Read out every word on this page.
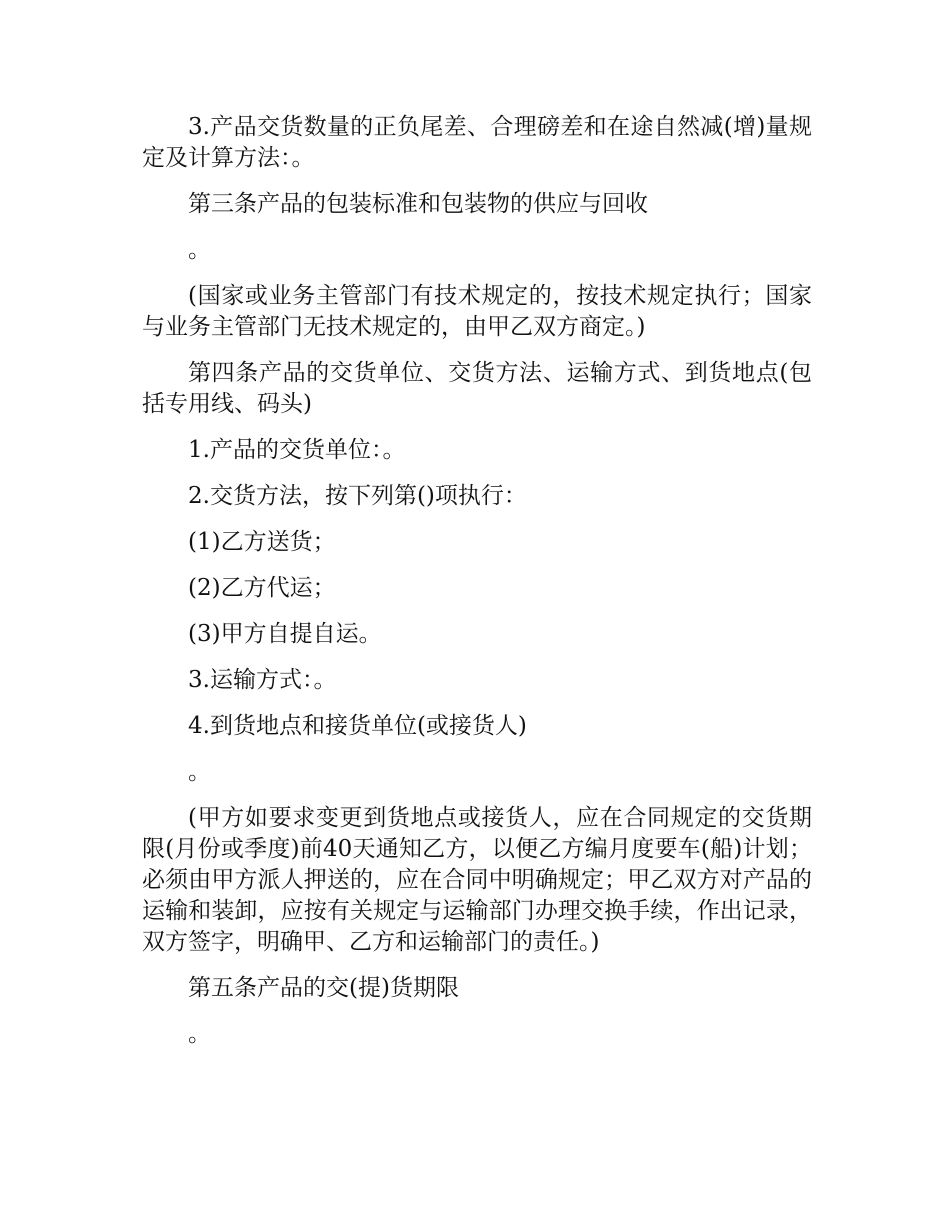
3.产品交货数量的正负尾差、合理磅差和在途自然减(增)量规定及计算方法：。

第三条产品的包装标准和包装物的供应与回收

。

(国家或业务主管部门有技术规定的，按技术规定执行；国家与业务主管部门无技术规定的，由甲乙双方商定。)

第四条产品的交货单位、交货方法、运输方式、到货地点(包括专用线、码头)

1.产品的交货单位：。

2.交货方法，按下列第()项执行：

(1)乙方送货；

(2)乙方代运；

(3)甲方自提自运。

3.运输方式：。

4.到货地点和接货单位(或接货人)

。

(甲方如要求变更到货地点或接货人，应在合同规定的交货期限(月份或季度)前40天通知乙方，以便乙方编月度要车(船)计划；必须由甲方派人押送的，应在合同中明确规定；甲乙双方对产品的运输和装卸，应按有关规定与运输部门办理交换手续，作出记录，双方签字，明确甲、乙方和运输部门的责任。)

第五条产品的交(提)货期限

。
